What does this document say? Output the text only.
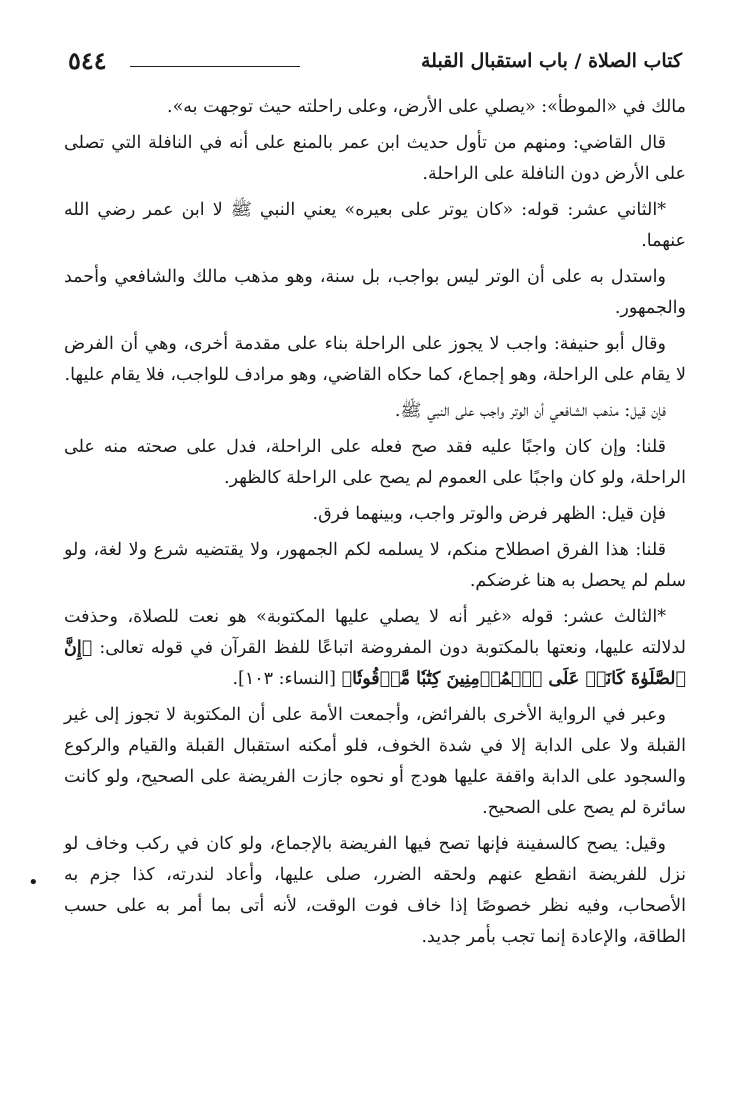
٥٤٤	كتاب الصلاة / باب استقبال القبلة

مالك في «الموطأ»: «يصلي على الأرض، وعلى راحلته حيث توجهت به».

قال القاضي: ومنهم من تأول حديث ابن عمر بالمنع على أنه في النافلة التي تصلى على الأرض دون النافلة على الراحلة.

*الثاني عشر: قوله: «كان يوتر على بعيره» يعني النبي ﷺ لا ابن عمر رضي الله عنهما.

واستدل به على أن الوتر ليس بواجب، بل سنة، وهو مذهب مالك والشافعي وأحمد والجمهور.

وقال أبو حنيفة: واجب لا يجوز على الراحلة بناء على مقدمة أخرى، وهي أن الفرض لا يقام على الراحلة، وهو إجماع، كما حكاه القاضي، وهو مرادف للواجب، فلا يقام عليها.

فإن قيل: مذهب الشافعي أن الوتر واجب على النبي ﷺ.

قلنا: وإن كان واجبًا عليه فقد صح فعله على الراحلة، فدل على صحته منه على الراحلة، ولو كان واجبًا على العموم لم يصح على الراحلة كالظهر.

فإن قيل: الظهر فرض والوتر واجب، وبينهما فرق.

قلنا: هذا الفرق اصطلاح منكم، لا يسلمه لكم الجمهور، ولا يقتضيه شرع ولا لغة، ولو سلم لم يحصل به هنا غرضكم.

*الثالث عشر: قوله «غير أنه لا يصلي عليها المكتوبة» هو نعت للصلاة، وحذفت لدلالته عليها، ونعتها بالمكتوبة دون المفروضة اتباعًا للفظ القرآن في قوله تعالى: ﴿إِنَّ ٱلصَّلَوٰةَ كَانَتۡ عَلَى ٱلۡمُؤۡمِنِينَ كِتَٰبٗا مَّوۡقُوتٗا﴾ [النساء: ١٠٣].

وعبر في الرواية الأخرى بالفرائض، وأجمعت الأمة على أن المكتوبة لا تجوز إلى غير القبلة ولا على الدابة إلا في شدة الخوف، فلو أمكنه استقبال القبلة والقيام والركوع والسجود على الدابة واقفة عليها هودج أو نحوه جازت الفريضة على الصحيح، ولو كانت سائرة لم يصح على الصحيح.

وقيل: يصح كالسفينة فإنها تصح فيها الفريضة بالإجماع، ولو كان في ركب وخاف لو نزل للفريضة انقطع عنهم ولحقه الضرر، صلى عليها، وأعاد لندرته، كذا جزم به الأصحاب، وفيه نظر خصوصًا إذا خاف فوت الوقت، لأنه أتى بما أمر به على حسب الطاقة، والإعادة إنما تجب بأمر جديد.

•
